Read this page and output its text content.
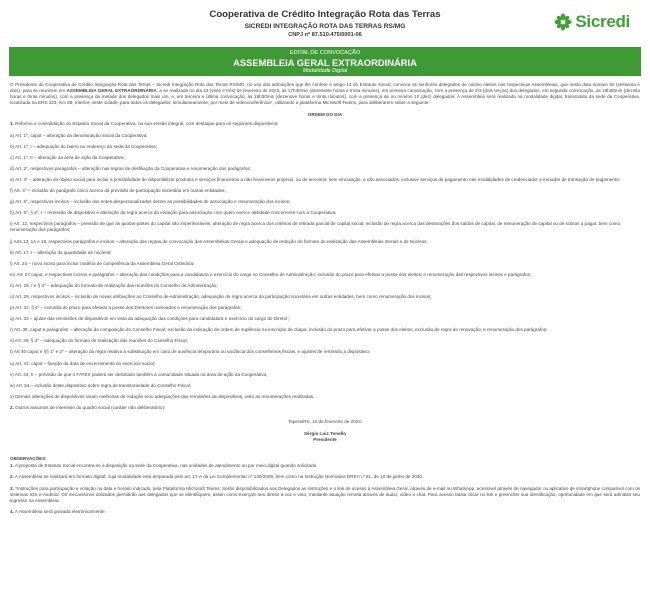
Cooperativa de Crédito Integração Rota das Terras
SICREDI INTEGRAÇÃO ROTA DAS TERRAS RS/MG
CNPJ nº 87.510.475/0001-06
Sicredi
EDITAL DE CONVOCAÇÃO
ASSEMBLEIA GERAL EXTRAORDINÁRIA
Modalidade Digital

O Presidente da Cooperativa de Crédito Integração Rota das Terras – Sicredi Integração Rota das Terras RS/MG, no uso das atribuições que lhe confere o artigo 14 do Estatuto Social, convoca os senhores delegados de núcleo eleitos nas respectivas Assembleias, que nesta data somam 62 (sessenta e dois), para se reunirem em ASSEMBLEIA GERAL EXTRAORDINÁRIA, a se realizada no dia 23 (vinte e três) de fevereiro de 2023, às 17h30min (dezessete horas e trinta minutos), em primeira convocação, com a presença de 2/3 (dois terços) dos delegados, em segunda convocação, às 18h30min (dezoito horas e trinta minutos), com a presença da metade dos delegados mais um, e, em terceira e última convocação, às 19h30min (dezenove horas e trinta minutos), com a presença de no mínimo 10 (dez) delegados. A Assembleia será realizada na modalidade digital, transmitida da sede da Cooperativa, localizada na ERS 223, Km 28, Interior, neste cidade, para todos os delegados; simultaneamente, por meio de videoconferência*, utilizando a plataforma Microsoft Teams, para deliberarem sobre a seguinte:

ORDEM DO DIA
1. Reforma e consolidação do Estatuto Social da Cooperativa, na sua versão integral, com destaque para os seguintes dispositivos:
a) Art. 1º, caput – alteração da denominação social da Cooperativa;
b) Art. 1º, I – adequação do bairro no endereço da sede da Cooperativa;
c) Art. 1º, II – alteração da área de ação da Cooperativa;
d) Art. 2º, respectivos parágrafos – alteração nas regras de desfiliação da Cooperativa e renumeração dos parágrafos;
e) Art. 3º – alteração do objeto social para incluir a possibilidade de disponibilizar produtos e serviços financeiros a não financeiros próprios, ou de terceiros, sem vinculação, a não associados, inclusive serviços de pagamento nas modalidades de credenciador e iniciador de transação de pagamento;
f) Art. 4º – inclusão do parágrafo único acerca da previsão de participação societária em outras entidades;
g) Art. 5º, respectivos incisos – inclusão dos entes despersonalizados dentre as possibilidades de associação e renumeração dos incisos;
h) Art. 5º, § 3º, I – remissão de dispositivo e alteração da regra acerca da vedação para associação com quem exerce atividade concorrente com a Cooperativa;
i) Art. 12, respectivos parágrafos – previsão de que as quotas-partes do capital são impenhoráveis; alteração de regra acerca dos critérios de retirada parcial de capital social; inclusão de regra acerca das destinações dos saldos de capital, de remuneração de capital ou de sobras a pagar, bem como renumeração dos parágrafos;
j) Arts 13, 14 e 18, respectivos parágrafos e incisos – alteração das regras de convocação das Assembleias Gerais e adequação de redação do formato de realização das Assembleias Gerais e de Núcleos;
k) Art. 17, I – alteração da quantidade de núcleos;
l) Art. 24 – novo inciso para incluir matéria de competência da Assembleia Geral Ordinária;
m) Art. 27 caput, e respectivos incisos e parágrafos – alteração das condições para a candidatura e exercício do cargo no Conselho de Administração; inclusão do prazo para efetivar a posse dos eleitos; e renumeração dos respectivos incisos e parágrafos;
n) Art. 28, I e § 3º – adequação do formato de realização das reuniões do Conselho de Administração;
o) Art. 29, respectivos incisos – inclusão de novas atribuições ao Conselho de Administração, adequação de regra acerca da participação societária em outras entidades, bem como renumeração dos incisos;
p) Art. 32, § 4º – inclusão do prazo para efetivar a posse dos Diretores nomeados e renumeração dos parágrafos;
q) Art. 33 – ajuste das remissões de dispositivos em vista da adequação das condições para candidatura e exercício do cargo de Diretor;
r) Art. 38, caput e parágrafos – alteração da composição do Conselho Fiscal; exclusão da indicação de ordem de suplência na inscrição de chapa; inclusão do prazo para efetivar a posse dos eleitos; exclusão de regra de renovação; e renumeração dos parágrafos;
s) Art. 39, § 4º – adequação do formato de realização das reuniões do Conselho Fiscal;
t) Art 40 caput e §§ 1º e 2º – alteração da regra relativa à substituição em caso de ausência temporária ou vacância dos conselheiros fiscais, e ajustes de remissão a dispositivo;
u) Art. 42, caput – fixação da data de encerramento do exercício social;
v) Art. 44, II – previsão de que o FATES poderá ser destinado também à comunidade situada na área de ação da Cooperativa;
w) Art. 54 – inclusão deste dispositivo sobre regra de transitoriedade do Conselho Fiscal;
x) Demais alterações de dispositivos visam melhorias de redação e/ou adequações das remissões de dispositivos, visto as renumerações realizadas.
2. Outros assuntos de interesse do quadro social (caráter não deliberatório).
Tapera/RS, 10 de fevereiro de 2023.
Sérgio Luiz Tonello
Presidente
OBSERVAÇÕES:
1. A proposta de Estatuto Social encontra-se à disposição na sede da Cooperativa, nas unidades de atendimento ou por meio digital quando solicitado.
2. A Assembleia se realizará em formato digital, cuja modalidade está amparada pelo art. 17-A da Lei Complementar nº 130/2009, bem como na Instrução Normativa DREI n.º 81, de 10 de junho de 2020.
3. *Instruções para participação e votação na data e horário indicado, pela Plataforma Microsoft Teams: Serão disponibilizados aos Delegados as instruções e o link de acesso à Assembleia Geral, através de e-mail ou WhatsApp, acessível através de navegador ou aplicativo de smartphone compatível com os sistemas IOS e Android. Os mecanismos utilizados permitirão aos delegados que se identifiquem, assim como exerçam seu direito a voz e voto, mediante atuação remota através de áudio, vídeo e chat. Para acesso basta clicar no link e preencher sua identificação, oportunidade em que será admitido seu ingresso na Assembleia.
4. A Assembleia será gravada eletronicamente.
